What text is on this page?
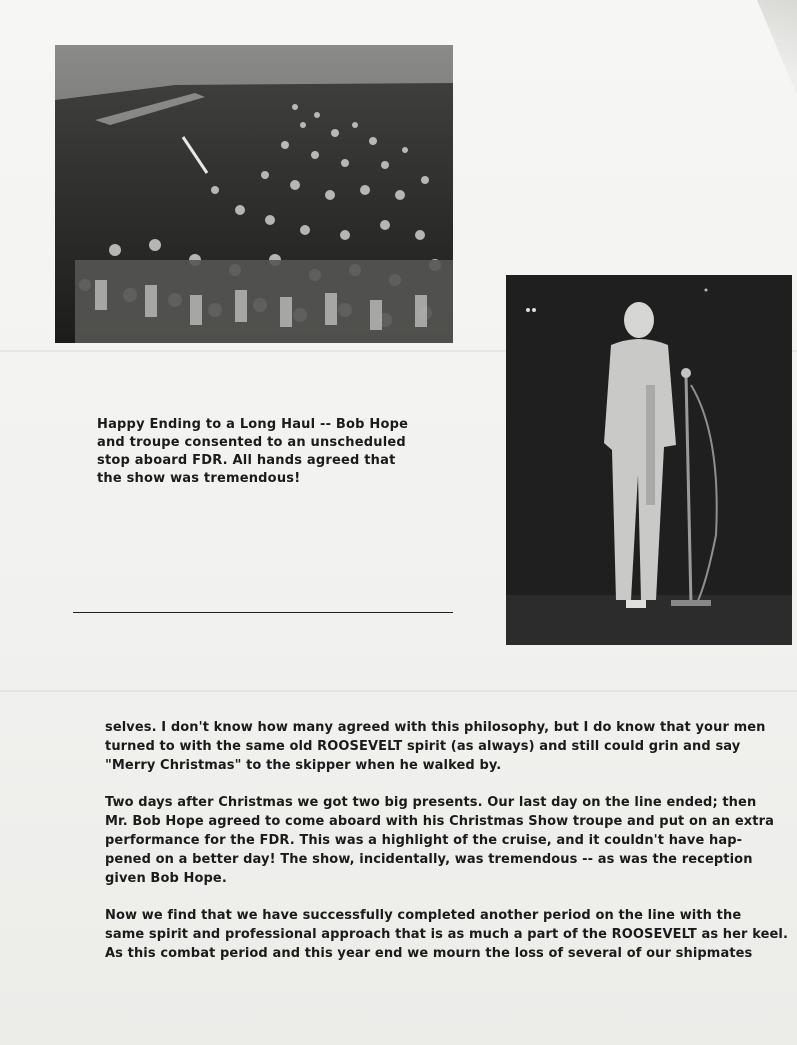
Happy Ending to a Long Haul -- Bob Hope
and troupe consented to an unscheduled
stop aboard FDR. All hands agreed that
the show was tremendous!
selves. I don't know how many agreed with this philosophy, but I do know that your men
turned to with the same old ROOSEVELT spirit (as always) and still could grin and say
"Merry Christmas" to the skipper when he walked by.
Two days after Christmas we got two big presents. Our last day on the line ended; then
Mr. Bob Hope agreed to come aboard with his Christmas Show troupe and put on an extra
performance for the FDR. This was a highlight of the cruise, and it couldn't have hap-
pened on a better day! The show, incidentally, was tremendous -- as was the reception
given Bob Hope.
Now we find that we have successfully completed another period on the line with the
same spirit and professional approach that is as much a part of the ROOSEVELT as her keel.
As this combat period and this year end we mourn the loss of several of our shipmates
